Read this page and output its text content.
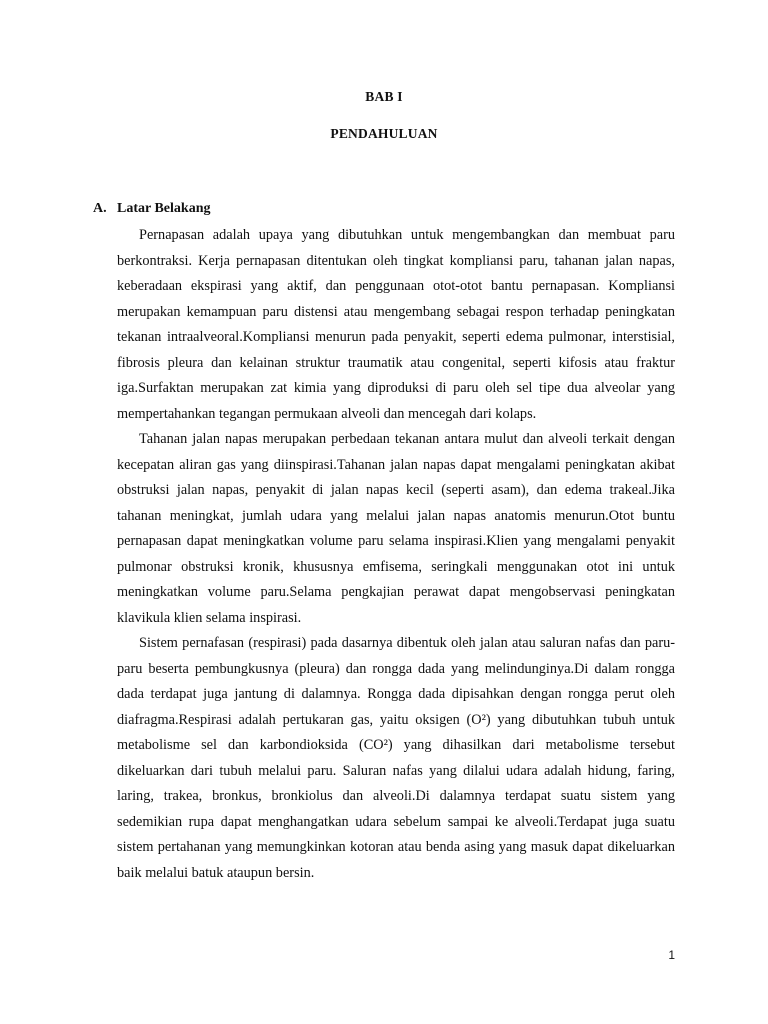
BAB I
PENDAHULUAN
A. Latar Belakang

Pernapasan adalah upaya yang dibutuhkan untuk mengembangkan dan membuat paru berkontraksi. Kerja pernapasan ditentukan oleh tingkat kompliansi paru, tahanan jalan napas, keberadaan ekspirasi yang aktif, dan penggunaan otot-otot bantu pernapasan. Kompliansi merupakan kemampuan paru distensi atau mengembang sebagai respon terhadap peningkatan tekanan intraalveoral.Kompliansi menurun pada penyakit, seperti edema pulmonar, interstisial, fibrosis pleura dan kelainan struktur traumatik atau congenital, seperti kifosis atau fraktur iga.Surfaktan merupakan zat kimia yang diproduksi di paru oleh sel tipe dua alveolar yang mempertahankan tegangan permukaan alveoli dan mencegah dari kolaps.

Tahanan jalan napas merupakan perbedaan tekanan antara mulut dan alveoli terkait dengan kecepatan aliran gas yang diinspirasi.Tahanan jalan napas dapat mengalami peningkatan akibat obstruksi jalan napas, penyakit di jalan napas kecil (seperti asam), dan edema trakeal.Jika tahanan meningkat, jumlah udara yang melalui jalan napas anatomis menurun.Otot buntu pernapasan dapat meningkatkan volume paru selama inspirasi.Klien yang mengalami penyakit pulmonar obstruksi kronik, khususnya emfisema, seringkali menggunakan otot ini untuk meningkatkan volume paru.Selama pengkajian perawat dapat mengobservasi peningkatan klavikula klien selama inspirasi.

Sistem pernafasan (respirasi) pada dasarnya dibentuk oleh jalan atau saluran nafas dan paru-paru beserta pembungkusnya (pleura) dan rongga dada yang melindunginya.Di dalam rongga dada terdapat juga jantung di dalamnya. Rongga dada dipisahkan dengan rongga perut oleh diafragma.Respirasi adalah pertukaran gas, yaitu oksigen (O²) yang dibutuhkan tubuh untuk metabolisme sel dan karbondioksida (CO²) yang dihasilkan dari metabolisme tersebut dikeluarkan dari tubuh melalui paru. Saluran nafas yang dilalui udara adalah hidung, faring, laring, trakea, bronkus, bronkiolus dan alveoli.Di dalamnya terdapat suatu sistem yang sedemikian rupa dapat menghangatkan udara sebelum sampai ke alveoli.Terdapat juga suatu sistem pertahanan yang memungkinkan kotoran atau benda asing yang masuk dapat dikeluarkan baik melalui batuk ataupun bersin.

1
